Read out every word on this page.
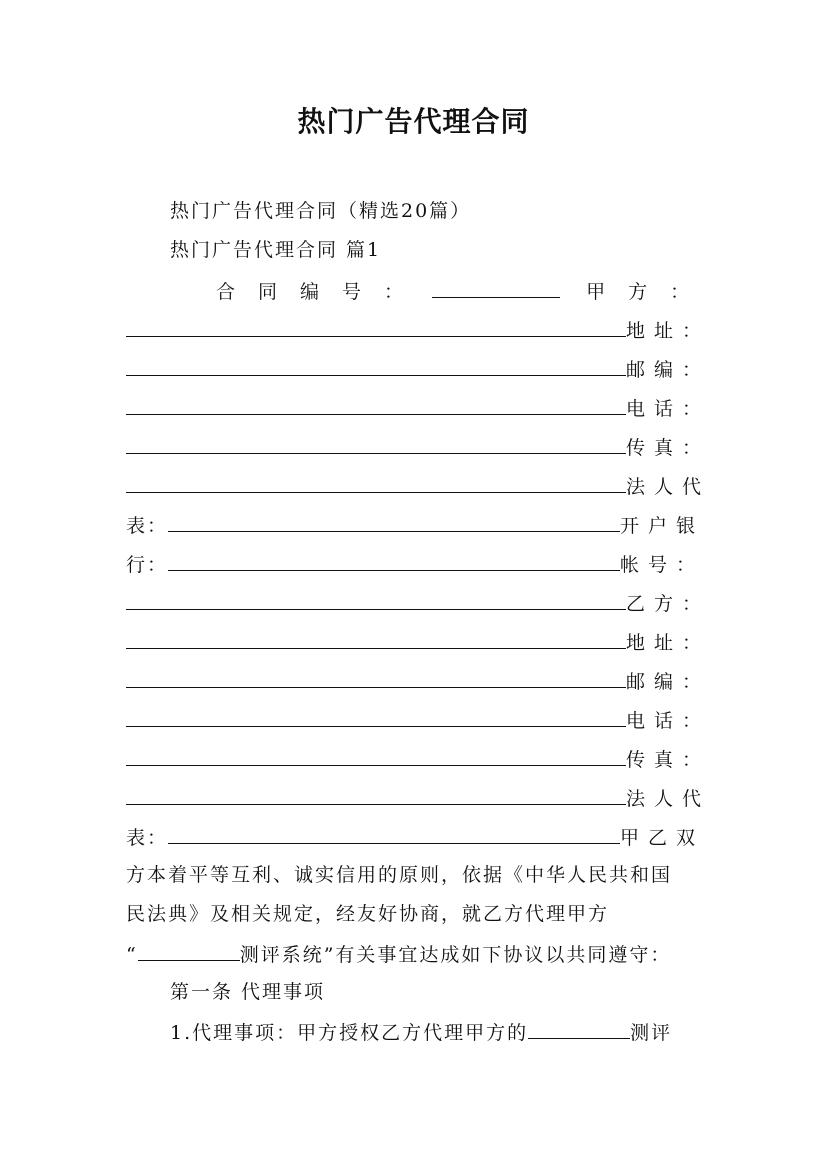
热门广告代理合同
热门广告代理合同（精选20篇）
热门广告代理合同 篇1
合同编号：	甲方：
地址：
邮编：
电话：
传真：
法人代
表：	开户银
行：	帐号：
乙方：
地址：
邮编：
电话：
传真：
法人代
表：	甲乙双
方本着平等互利、诚实信用的原则，依据《中华人民共和国
民法典》及相关规定，经友好协商，就乙方代理甲方
“	测评系统”有关事宜达成如下协议以共同遵守：
第一条 代理事项
1.代理事项：甲方授权乙方代理甲方的	测评
